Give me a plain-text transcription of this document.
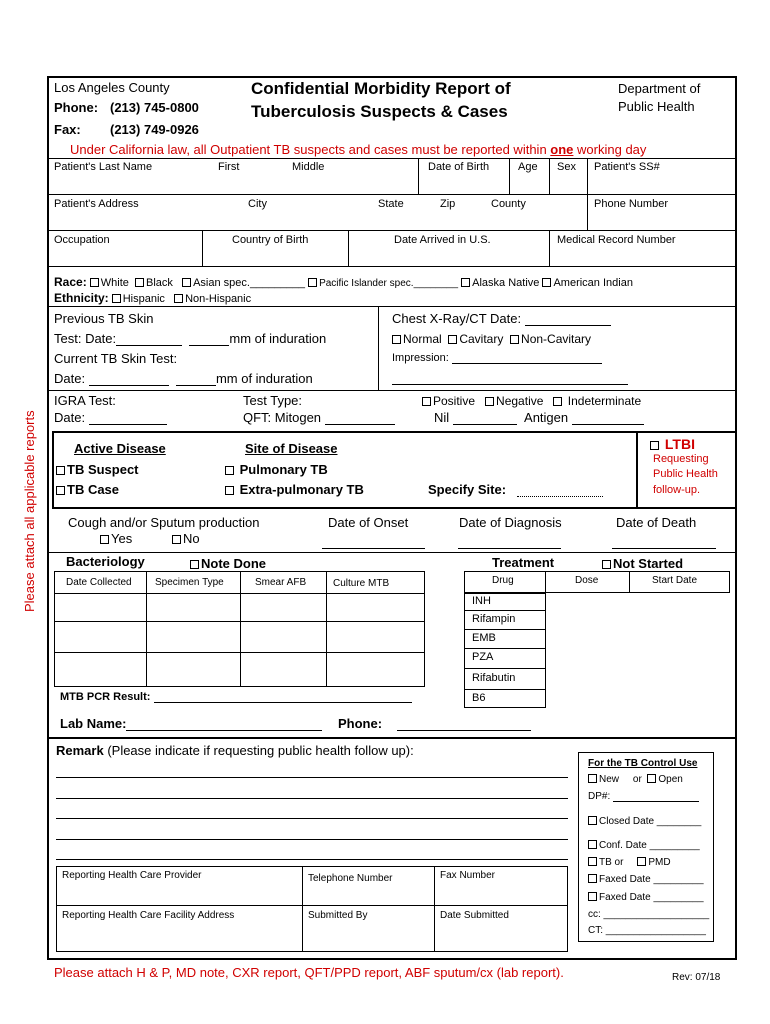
Please attach all applicable reports
Los Angeles County
Phone: (213) 745-0800
Fax: (213) 749-0926
Confidential Morbidity Report of
Tuberculosis Suspects & Cases
Department of
Public Health
Under California law, all Outpatient TB suspects and cases must be reported within one working day
Patient's Last Name	First	Middle	Date of Birth	Age Sex Patient's SS#
Patient's Address	City	State	Zip	County	Phone Number
Occupation	Country of Birth	Date Arrived in U.S.	Medical Record Number
Race: White Black Asian spec._________ Pacific Islander spec.________ Alaska Native American Indian
Ethnicity: Hispanic Non-Hispanic
Previous TB Skin
Test: Date:	mm of induration
Current TB Skin Test:
Date:	mm of induration
Chest X-Ray/CT Date:
Normal Cavitary Non-Cavitary
Impression:
IGRA Test:
Date:
Test Type:
QFT: Mitogen
Positive Negative Indeterminate
Nil	Antigen
Active Disease
TB Suspect
TB Case
Site of Disease
Pulmonary TB
Extra-pulmonary TB	Specify Site:
LTBI
Requesting
Public Health
follow-up.
Cough and/or Sputum production
Yes	No
Date of Onset	Date of Diagnosis	Date of Death
Bacteriology	Note Done
Date Collected Specimen Type	Smear AFB	Culture MTB
MTB PCR Result:
Treatment	Not Started
Drug	Dose	Start Date
INH
Rifampin
EMB
PZA
Rifabutin
B6
Lab Name:	Phone:
Remark (Please indicate if requesting public health follow up):
Reporting Health Care Provider	Telephone Number	Fax Number
Reporting Health Care Facility Address	Submitted By	Date Submitted
For the TB Control Use
New or Open
DP#:
Closed Date ________
Conf. Date _________
TB or PMD
Faxed Date _________
Faxed Date _________
cc: ___________________
CT: __________________
Please attach H & P, MD note, CXR report, QFT/PPD report, ABF sputum/cx (lab report).	Rev: 07/18
